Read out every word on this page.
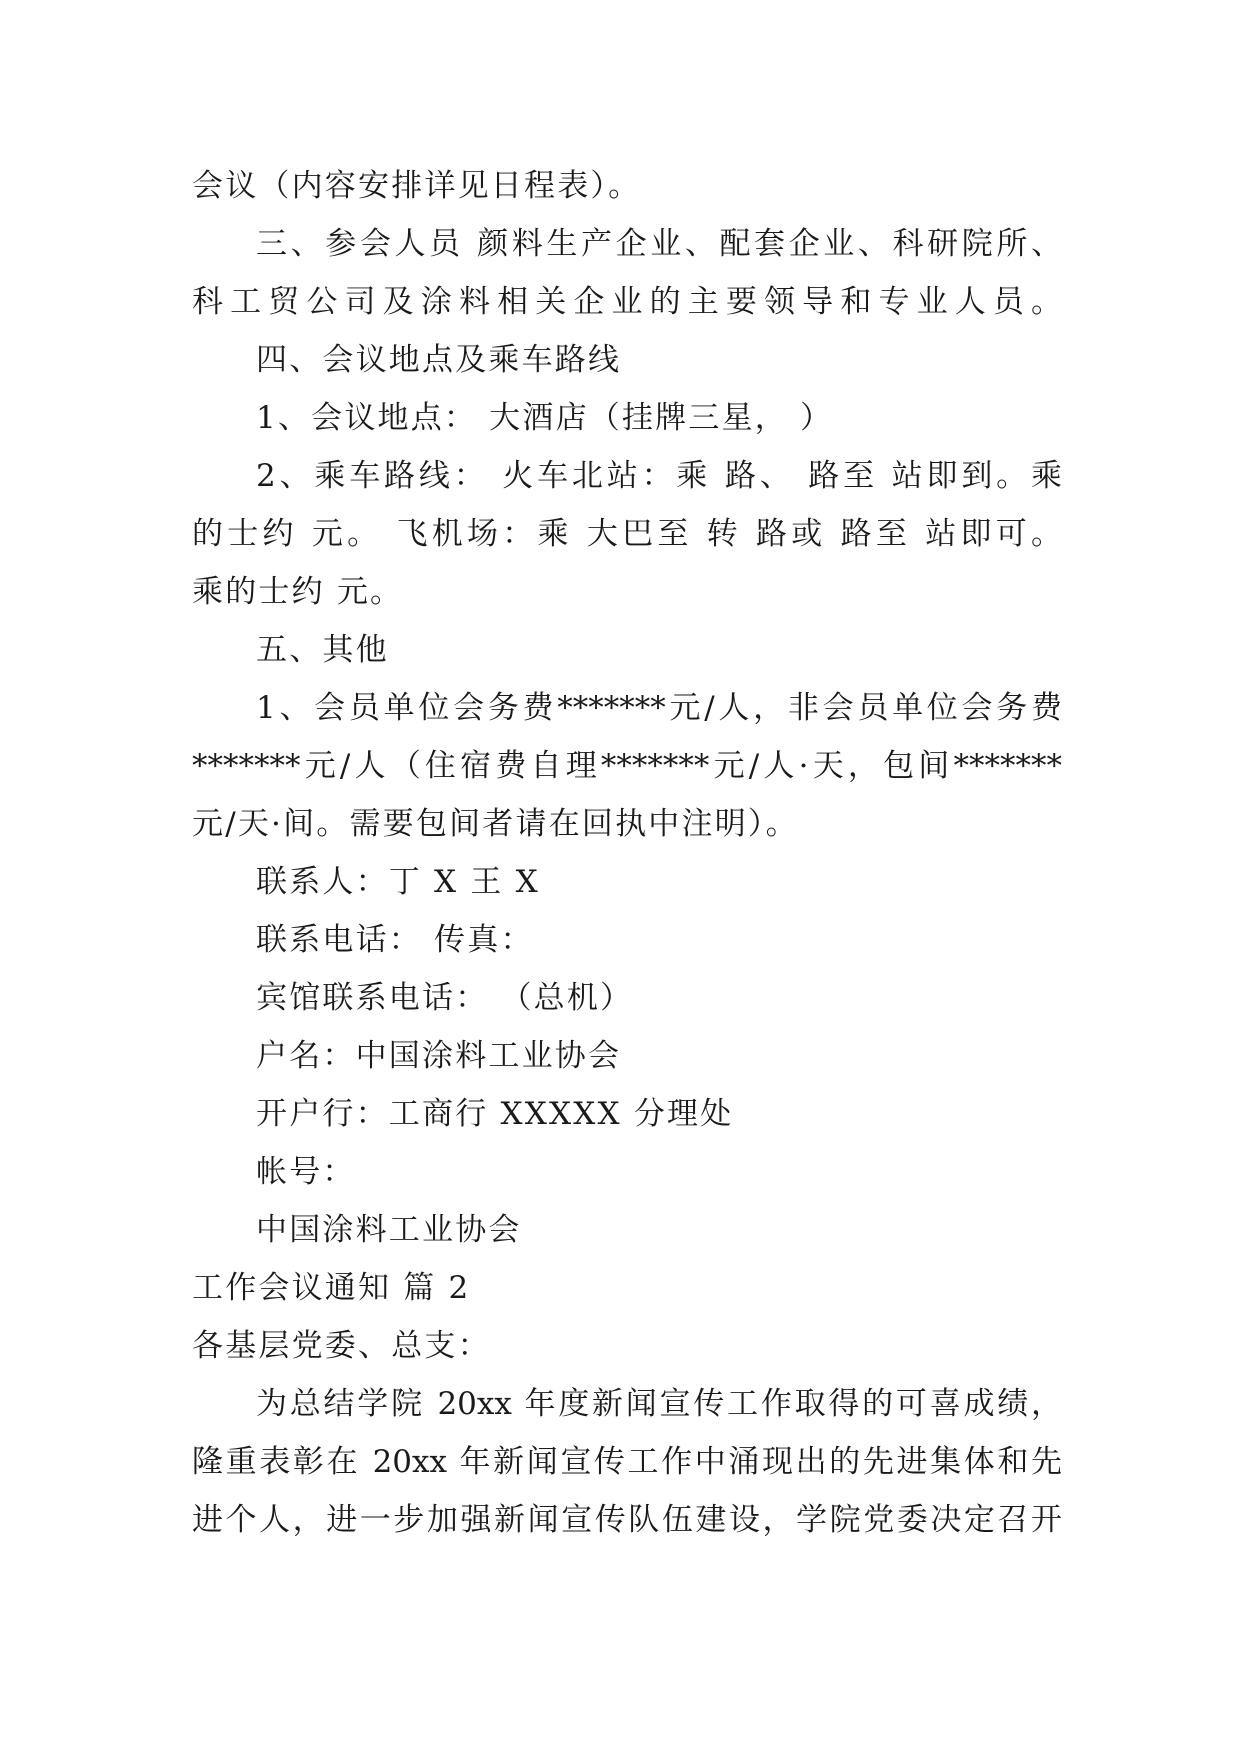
会议（内容安排详见日程表）。
三、参会人员 颜料生产企业、配套企业、科研院所、
科工贸公司及涂料相关企业的主要领导和专业人员。
四、会议地点及乘车路线
1、会议地点： 大酒店（挂牌三星， ）
2、乘车路线： 火车北站：乘 路、 路至 站即到。乘
的士约 元。 飞机场：乘 大巴至 转 路或 路至 站即可。
乘的士约 元。
五、其他
1、会员单位会务费*******元/人，非会员单位会务费
*******元/人（住宿费自理*******元/人·天，包间*******
元/天·间。需要包间者请在回执中注明）。
联系人：丁 X 王 X
联系电话： 传真：
宾馆联系电话： （总机）
户名：中国涂料工业协会
开户行：工商行 XXXXX 分理处
帐号：
中国涂料工业协会
工作会议通知 篇 2
各基层党委、总支：
为总结学院 20xx 年度新闻宣传工作取得的可喜成绩，
隆重表彰在 20xx 年新闻宣传工作中涌现出的先进集体和先
进个人，进一步加强新闻宣传队伍建设，学院党委决定召开
